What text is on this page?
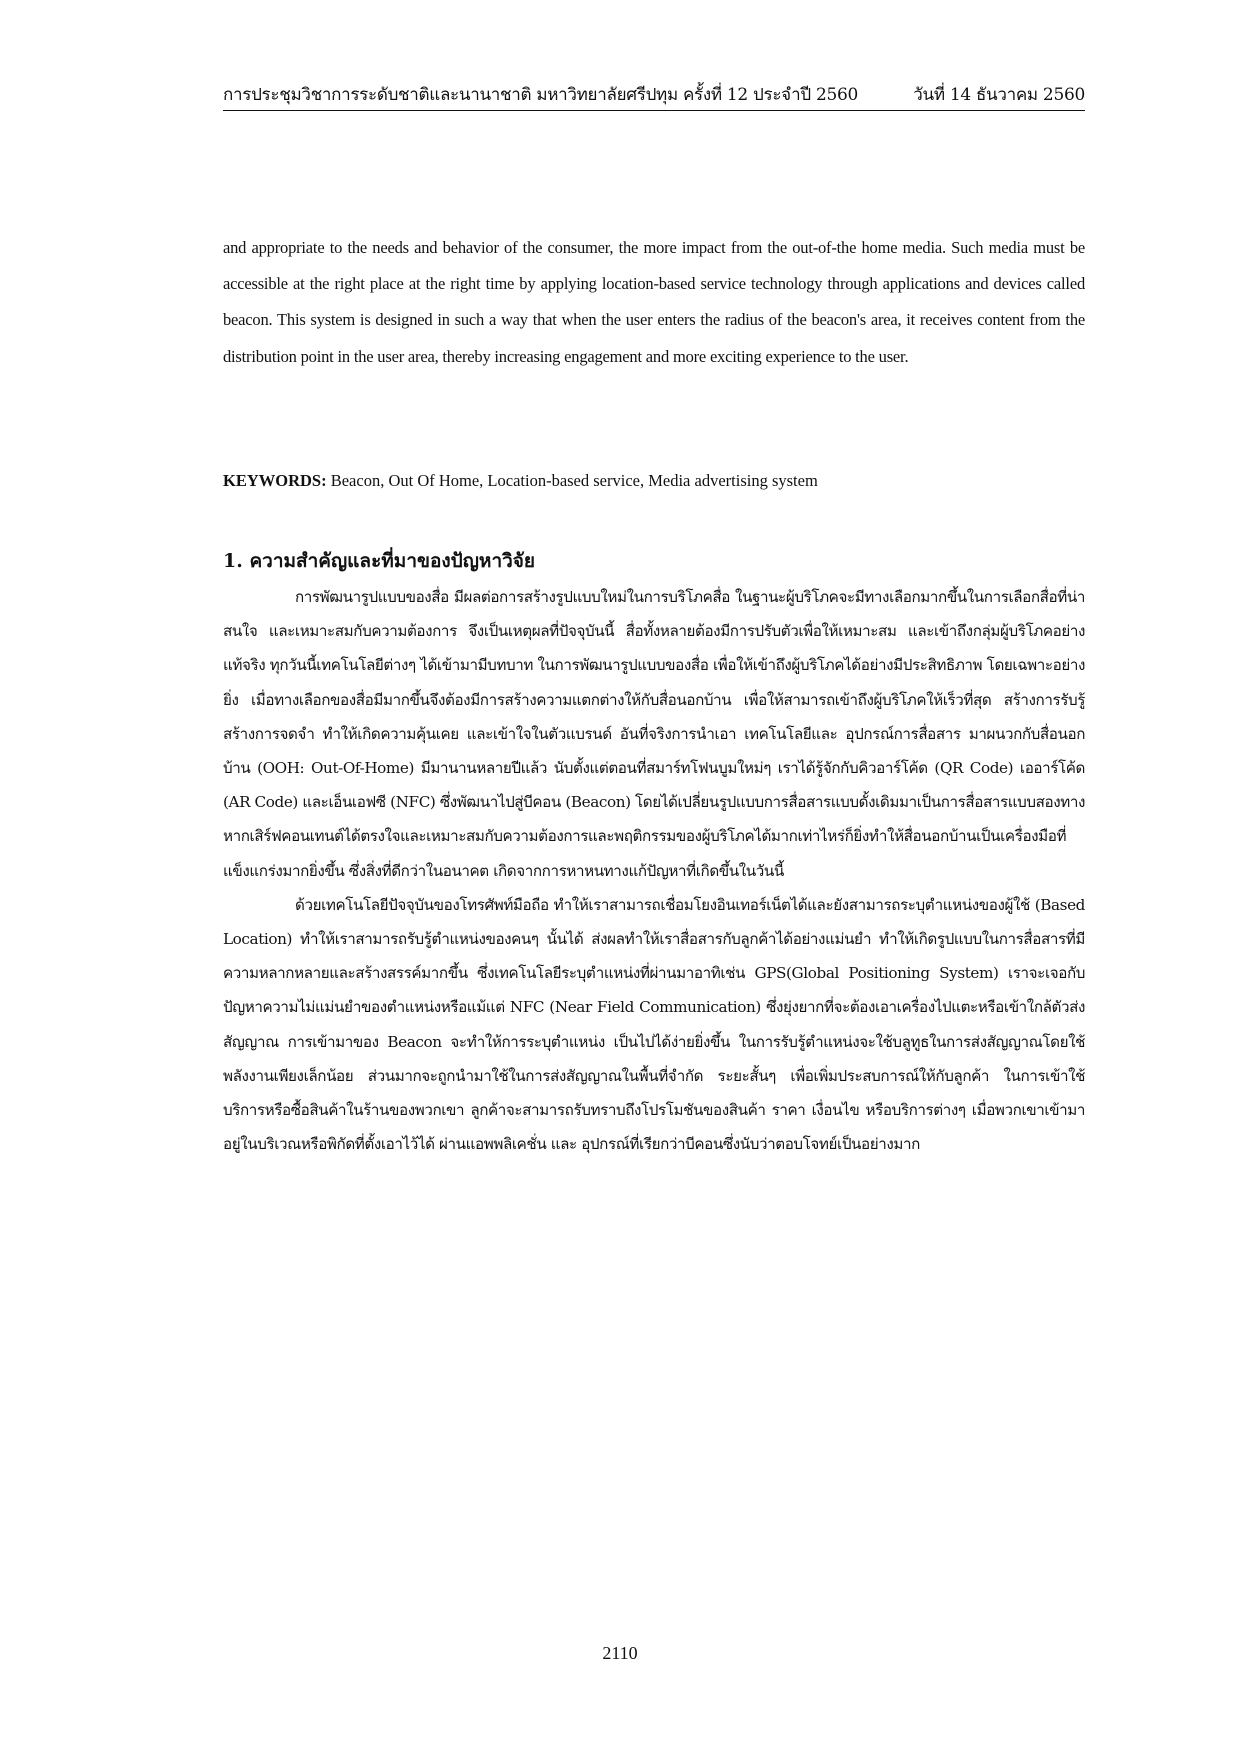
การประชุมวิชาการระดับชาติและนานาชาติ มหาวิทยาลัยศรีปทุม ครั้งที่ 12 ประจำปี 2560	วันที่ 14 ธันวาคม 2560

and appropriate to the needs and behavior of the consumer, the more impact from the out-of-the home media. Such media must be accessible at the right place at the right time by applying location-based service technology through applications and devices called beacon. This system is designed in such a way that when the user enters the radius of the beacon's area, it receives content from the distribution point in the user area, thereby increasing engagement and more exciting experience to the user.

KEYWORDS: Beacon, Out Of Home, Location-based service, Media advertising system
1. ความสำคัญและที่มาของปัญหาวิจัย

การพัฒนารูปแบบของสื่อ มีผลต่อการสร้างรูปแบบใหม่ในการบริโภคสื่อ ในฐานะผู้บริโภคจะมีทางเลือกมากขึ้นในการเลือกสื่อที่น่าสนใจ และเหมาะสมกับความต้องการ จึงเป็นเหตุผลที่ปัจจุบันนี้ สื่อทั้งหลายต้องมีการปรับตัวเพื่อให้เหมาะสม และเข้าถึงกลุ่มผู้บริโภคอย่างแท้จริง ทุกวันนี้เทคโนโลยีต่างๆ ได้เข้ามามีบทบาท ในการพัฒนารูปแบบของสื่อ เพื่อให้เข้าถึงผู้บริโภคได้อย่างมีประสิทธิภาพ โดยเฉพาะอย่างยิ่ง เมื่อทางเลือกของสื่อมีมากขึ้นจึงต้องมีการสร้างความแตกต่างให้กับสื่อนอกบ้าน เพื่อให้สามารถเข้าถึงผู้บริโภคให้เร็วที่สุด สร้างการรับรู้ สร้างการจดจำ ทำให้เกิดความคุ้นเคย และเข้าใจในตัวแบรนด์ อันที่จริงการนำเอา เทคโนโลยีและ อุปกรณ์การสื่อสาร มาผนวกกับสื่อนอกบ้าน (OOH: Out-Of-Home) มีมานานหลายปีแล้ว นับตั้งแต่ตอนที่สมาร์ทโฟนบูมใหม่ๆ เราได้รู้จักกับคิวอาร์โค้ด (QR Code) เออาร์โค้ด (AR Code) และเอ็นเอฟซี (NFC) ซึ่งพัฒนาไปสู่บีคอน (Beacon) โดยได้เปลี่ยนรูปแบบการสื่อสารแบบดั้งเดิมมาเป็นการสื่อสารแบบสองทาง หากเสิร์ฟคอนเทนต์ได้ตรงใจและเหมาะสมกับความต้องการและพฤติกรรมของผู้บริโภคได้มากเท่าไหร่ก็ยิ่งทำให้สื่อนอกบ้านเป็นเครื่องมือที่แข็งแกร่งมากยิ่งขึ้น ซึ่งสิ่งที่ดีกว่าในอนาคต เกิดจากการหาหนทางแก้ปัญหาที่เกิดขึ้นในวันนี้

ด้วยเทคโนโลยีปัจจุบันของโทรศัพท์มือถือ ทำให้เราสามารถเชื่อมโยงอินเทอร์เน็ตได้และยังสามารถระบุตำแหน่งของผู้ใช้ (Based Location) ทำให้เราสามารถรับรู้ตำแหน่งของคนๆ นั้นได้ ส่งผลทำให้เราสื่อสารกับลูกค้าได้อย่างแม่นยำ ทำให้เกิดรูปแบบในการสื่อสารที่มีความหลากหลายและสร้างสรรค์มากขึ้น ซึ่งเทคโนโลยีระบุตำแหน่งที่ผ่านมาอาทิเช่น GPS(Global Positioning System) เราจะเจอกับปัญหาความไม่แม่นยำของตำแหน่งหรือแม้แต่ NFC (Near Field Communication) ซึ่งยุ่งยากที่จะต้องเอาเครื่องไปแตะหรือเข้าใกล้ตัวส่งสัญญาณ การเข้ามาของ Beacon จะทำให้การระบุตำแหน่ง เป็นไปได้ง่ายยิ่งขึ้น ในการรับรู้ตำแหน่งจะใช้บลูทูธในการส่งสัญญาณโดยใช้พลังงานเพียงเล็กน้อย ส่วนมากจะถูกนำมาใช้ในการส่งสัญญาณในพื้นที่จำกัด ระยะสั้นๆ เพื่อเพิ่มประสบการณ์ให้กับลูกค้า ในการเข้าใช้บริการหรือซื้อสินค้าในร้านของพวกเขา ลูกค้าจะสามารถรับทราบถึงโปรโมชันของสินค้า ราคา เงื่อนไข หรือบริการต่างๆ เมื่อพวกเขาเข้ามาอยู่ในบริเวณหรือพิกัดที่ตั้งเอาไว้ได้ ผ่านแอพพลิเคชั่น และ อุปกรณ์ที่เรียกว่าบีคอนซึ่งนับว่าตอบโจทย์เป็นอย่างมาก

2110
